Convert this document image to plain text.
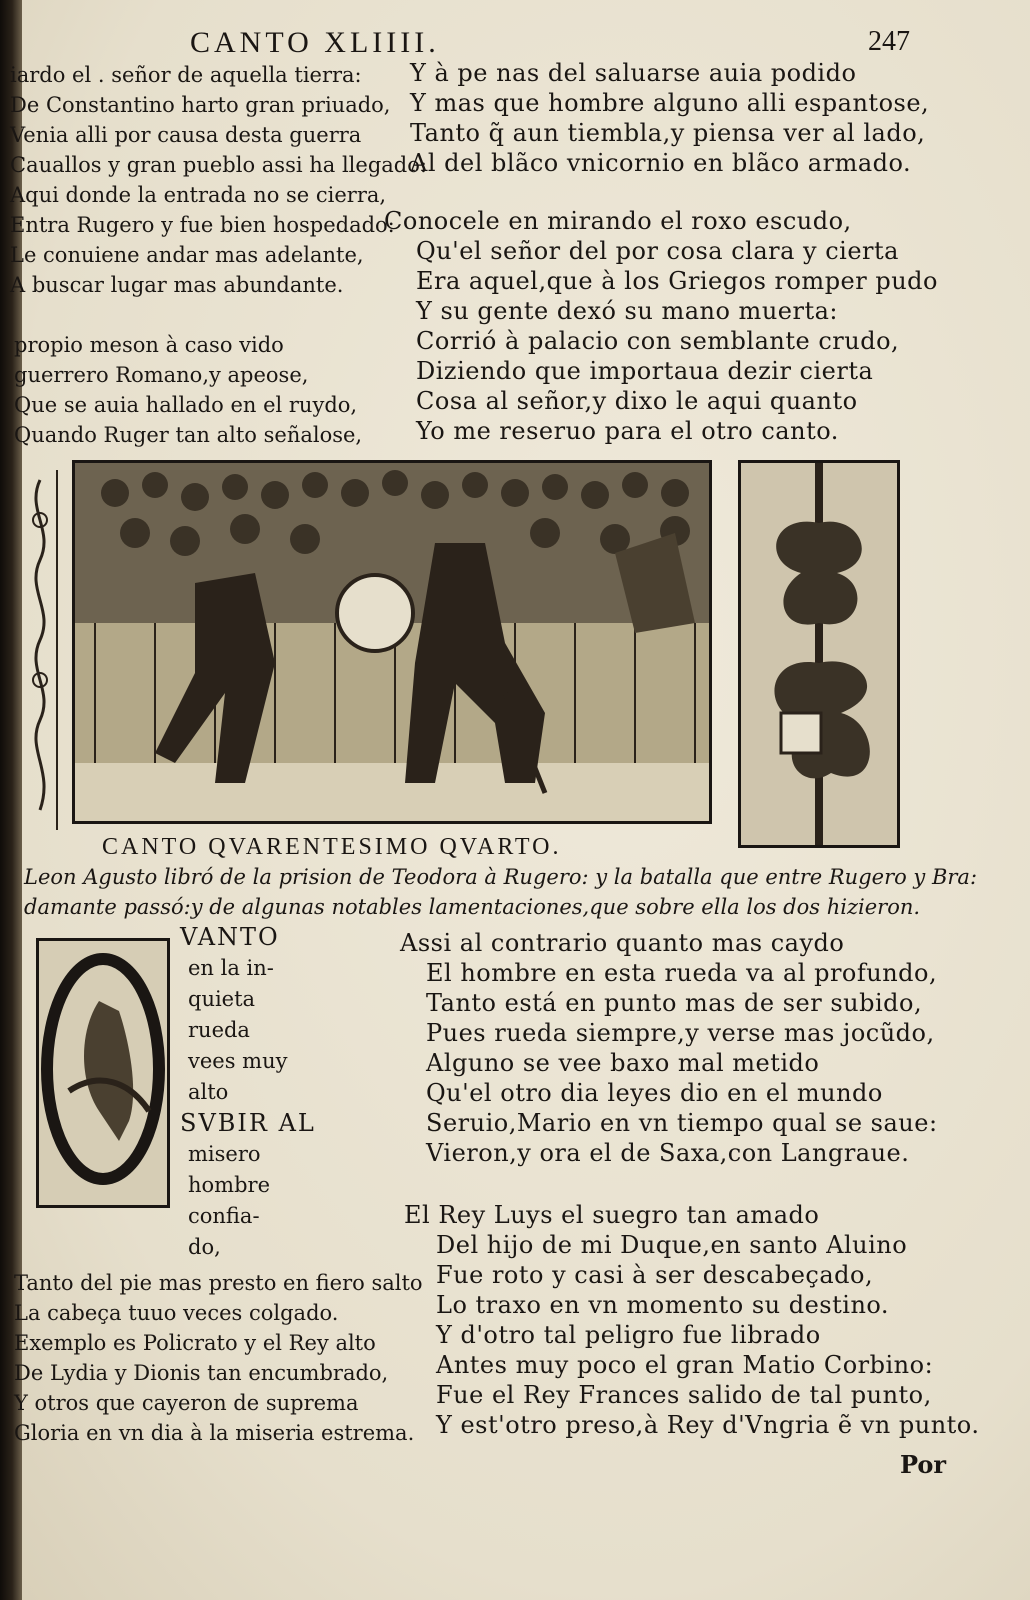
CANTO XLIIII.	247
iardo el . señor de aquella tierra:
De Constantino harto gran priuado,
Venia alli por causa desta guerra
Cauallos y gran pueblo assi ha llegado:
Aqui donde la entrada no se cierra,
Entra Rugero y fue bien hospedado:
Le conuiene andar mas adelante,
A buscar lugar mas abundante.
propio meson à caso vido
guerrero Romano,y apeose,
Que se auia hallado en el ruydo,
Quando Ruger tan alto señalose,
Y à pe nas del saluarse auia podido
Y mas que hombre alguno alli espantose,
Tanto q̃ aun tiembla,y piensa ver al lado,
Al del blãco vnicornio en blãco armado.
Conocele en mirando el roxo escudo,
Qu'el señor del por cosa clara y cierta
Era aquel,que à los Griegos romper pudo
Y su gente dexó su mano muerta:
Corrió à palacio con semblante crudo,
Diziendo que importaua dezir cierta
Cosa al señor,y dixo le aqui quanto
Yo me reseruo para el otro canto.
CANTO QVARENTESIMO QVARTO.
Leon Agusto libró de la prision de Teodora à Rugero: y la batalla que entre Rugero y Bra:
damante passó:y de algunas notables lamentaciones,que sobre ella los dos hizieron.
VANTO
en la in-
quieta
rueda
vees muy
alto
SVBIR AL
misero
hombre
confia-
do,
Tanto del pie mas presto en fiero salto
La cabeça tuuo veces colgado.
Exemplo es Policrato y el Rey alto
De Lydia y Dionis tan encumbrado,
Y otros que cayeron de suprema
Gloria en vn dia à la miseria estrema.
Assi al contrario quanto mas caydo
El hombre en esta rueda va al profundo,
Tanto está en punto mas de ser subido,
Pues rueda siempre,y verse mas jocũdo,
Alguno se vee baxo mal metido
Qu'el otro dia leyes dio en el mundo
Seruio,Mario en vn tiempo qual se saue:
Vieron,y ora el de Saxa,con Langraue.
El Rey Luys el suegro tan amado
Del hijo de mi Duque,en santo Aluino
Fue roto y casi à ser descabeçado,
Lo traxo en vn momento su destino.
Y d'otro tal peligro fue librado
Antes muy poco el gran Matio Corbino:
Fue el Rey Frances salido de tal punto,
Y est'otro preso,à Rey d'Vngria ẽ vn punto.
Por
